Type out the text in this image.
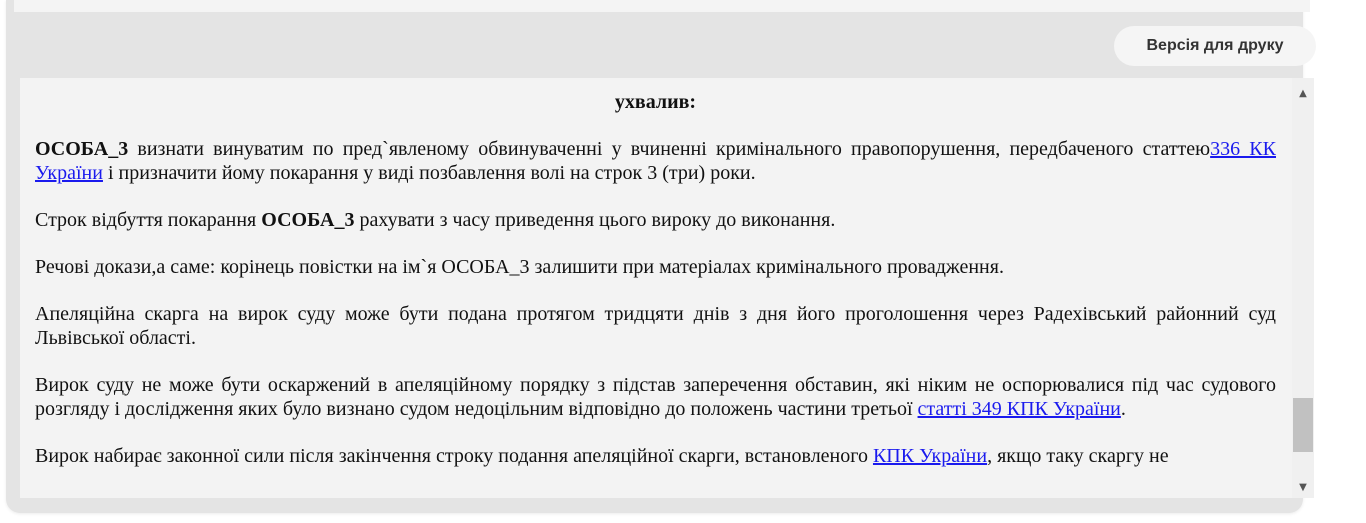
Версія для друку

ухвалив:

ОСОБА_3 визнати винуватим по пред`явленому обвинуваченні у вчиненні кримінального правопорушення, передбаченого статтею336 КК України і призначити йому покарання у виді позбавлення волі на строк 3 (три) роки.

Строк відбуття покарання ОСОБА_3 рахувати з часу приведення цього вироку до виконання.

Речові докази,а саме: корінець повістки на ім`я ОСОБА_3 залишити при матеріалах кримінального провадження.

Апеляційна скарга на вирок суду може бути подана протягом тридцяти днів з дня його проголошення через Радехівський районний суд Львівської області.

Вирок суду не може бути оскаржений в апеляційному порядку з підстав заперечення обставин, які ніким не оспорювалися під час судового розгляду і дослідження яких було визнано судом недоцільним відповідно до положень частини третьої статті 349 КПК України.

Вирок набирає законної сили після закінчення строку подання апеляційної скарги, встановленого КПК України, якщо таку скаргу не

▲
▼
